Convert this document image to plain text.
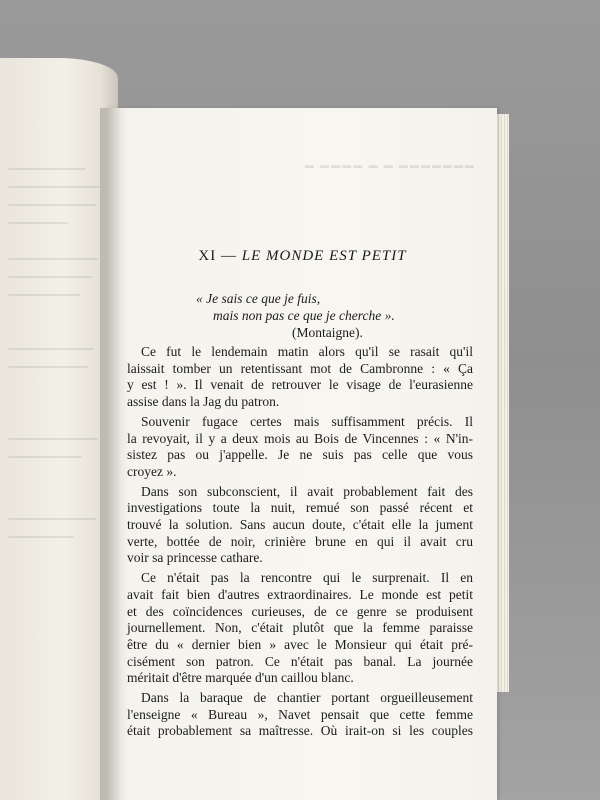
▬ ▬▬▬▬ ▬ ▬ ▬▬▬▬▬▬▬
XI — LE MONDE EST PETIT
« Je sais ce que je fuis,
mais non pas ce que je cherche ».
(Montaigne).
Ce fut le lendemain matin alors qu'il se rasait qu'il
laissait tomber un retentissant mot de Cambronne : « Ça
y est ! ». Il venait de retrouver le visage de l'eurasienne
assise dans la Jag du patron.
Souvenir fugace certes mais suffisamment précis. Il
la revoyait, il y a deux mois au Bois de Vincennes : « N'in-
sistez pas ou j'appelle. Je ne suis pas celle que vous
croyez ».
Dans son subconscient, il avait probablement fait des
investigations toute la nuit, remué son passé récent et
trouvé la solution. Sans aucun doute, c'était elle la jument
verte, bottée de noir, crinière brune en qui il avait cru
voir sa princesse cathare.
Ce n'était pas la rencontre qui le surprenait. Il en
avait fait bien d'autres extraordinaires. Le monde est petit
et des coïncidences curieuses, de ce genre se produisent
journellement. Non, c'était plutôt que la femme paraisse
être du « dernier bien » avec le Monsieur qui était pré-
cisément son patron. Ce n'était pas banal. La journée
méritait d'être marquée d'un caillou blanc.
Dans la baraque de chantier portant orgueilleusement
l'enseigne « Bureau », Navet pensait que cette femme
était probablement sa maîtresse. Où irait-on si les couples
